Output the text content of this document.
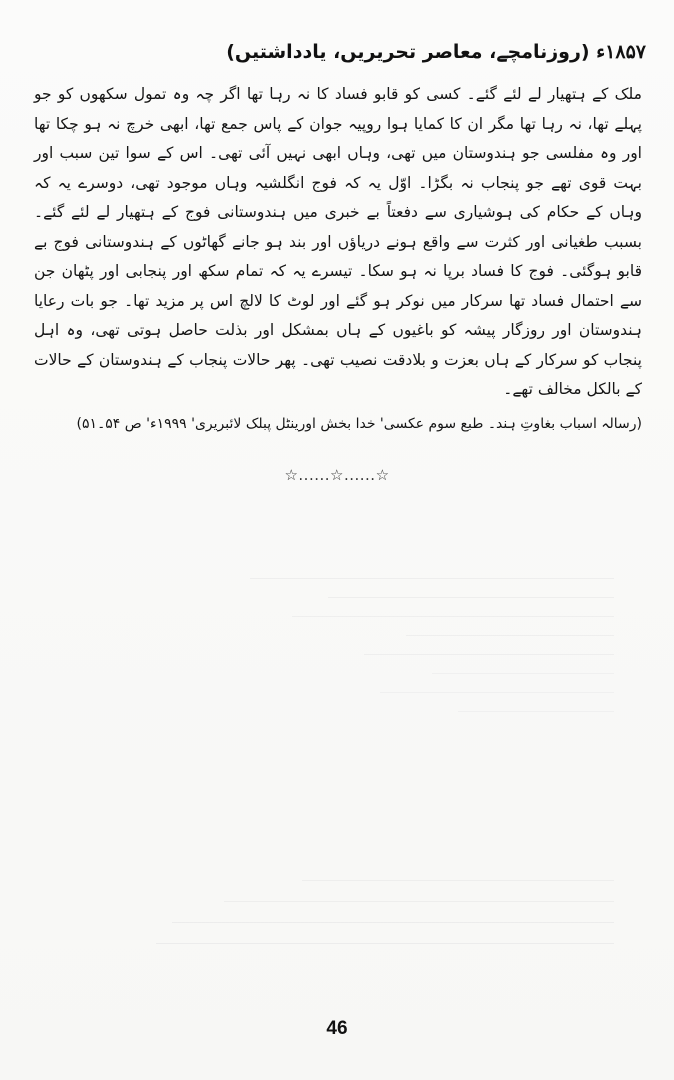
۱۸۵۷ء (روزنامچے، معاصر تحریریں، یادداشتیں)

ملک کے ہتھیار لے لئے گئے۔ کسی کو قابو فساد کا نہ رہا تھا اگر چہ وہ تمول سکھوں کو جو پہلے تھا، نہ رہا تھا مگر ان کا کمایا ہوا روپیہ جوان کے پاس جمع تھا، ابھی خرچ نہ ہو چکا تھا اور وہ مفلسی جو ہندوستان میں تھی، وہاں ابھی نہیں آئی تھی۔ اس کے سوا تین سبب اور بہت قوی تھے جو پنجاب نہ بگڑا۔ اوّل یہ کہ فوج انگلشیہ وہاں موجود تھی، دوسرے یہ کہ وہاں کے حکام کی ہوشیاری سے دفعتاً بے خبری میں ہندوستانی فوج کے ہتھیار لے لئے گئے۔ بسبب طغیانی اور کثرت سے واقع ہونے دریاؤں اور بند ہو جانے گھاٹوں کے ہندوستانی فوج بے قابو ہوگئی۔ فوج کا فساد برپا نہ ہو سکا۔ تیسرے یہ کہ تمام سکھ اور پنجابی اور پٹھان جن سے احتمال فساد تھا سرکار میں نوکر ہو گئے اور لوٹ کا لالچ اس پر مزید تھا۔ جو بات رعایا ہندوستان اور روزگار پیشہ کو باغیوں کے ہاں بمشکل اور بذلت حاصل ہوتی تھی، وہ اہل پنجاب کو سرکار کے ہاں بعزت و بلادقت نصیب تھی۔ پھر حالات پنجاب کے ہندوستان کے حالات کے بالکل مخالف تھے۔

(رسالہ اسباب بغاوتِ ہند۔ طبع سوم عکسی' خدا بخش اورینٹل پبلک لائبریری' ۱۹۹۹ء' ص ۵۴۔۵۱)
☆......☆......☆
46
